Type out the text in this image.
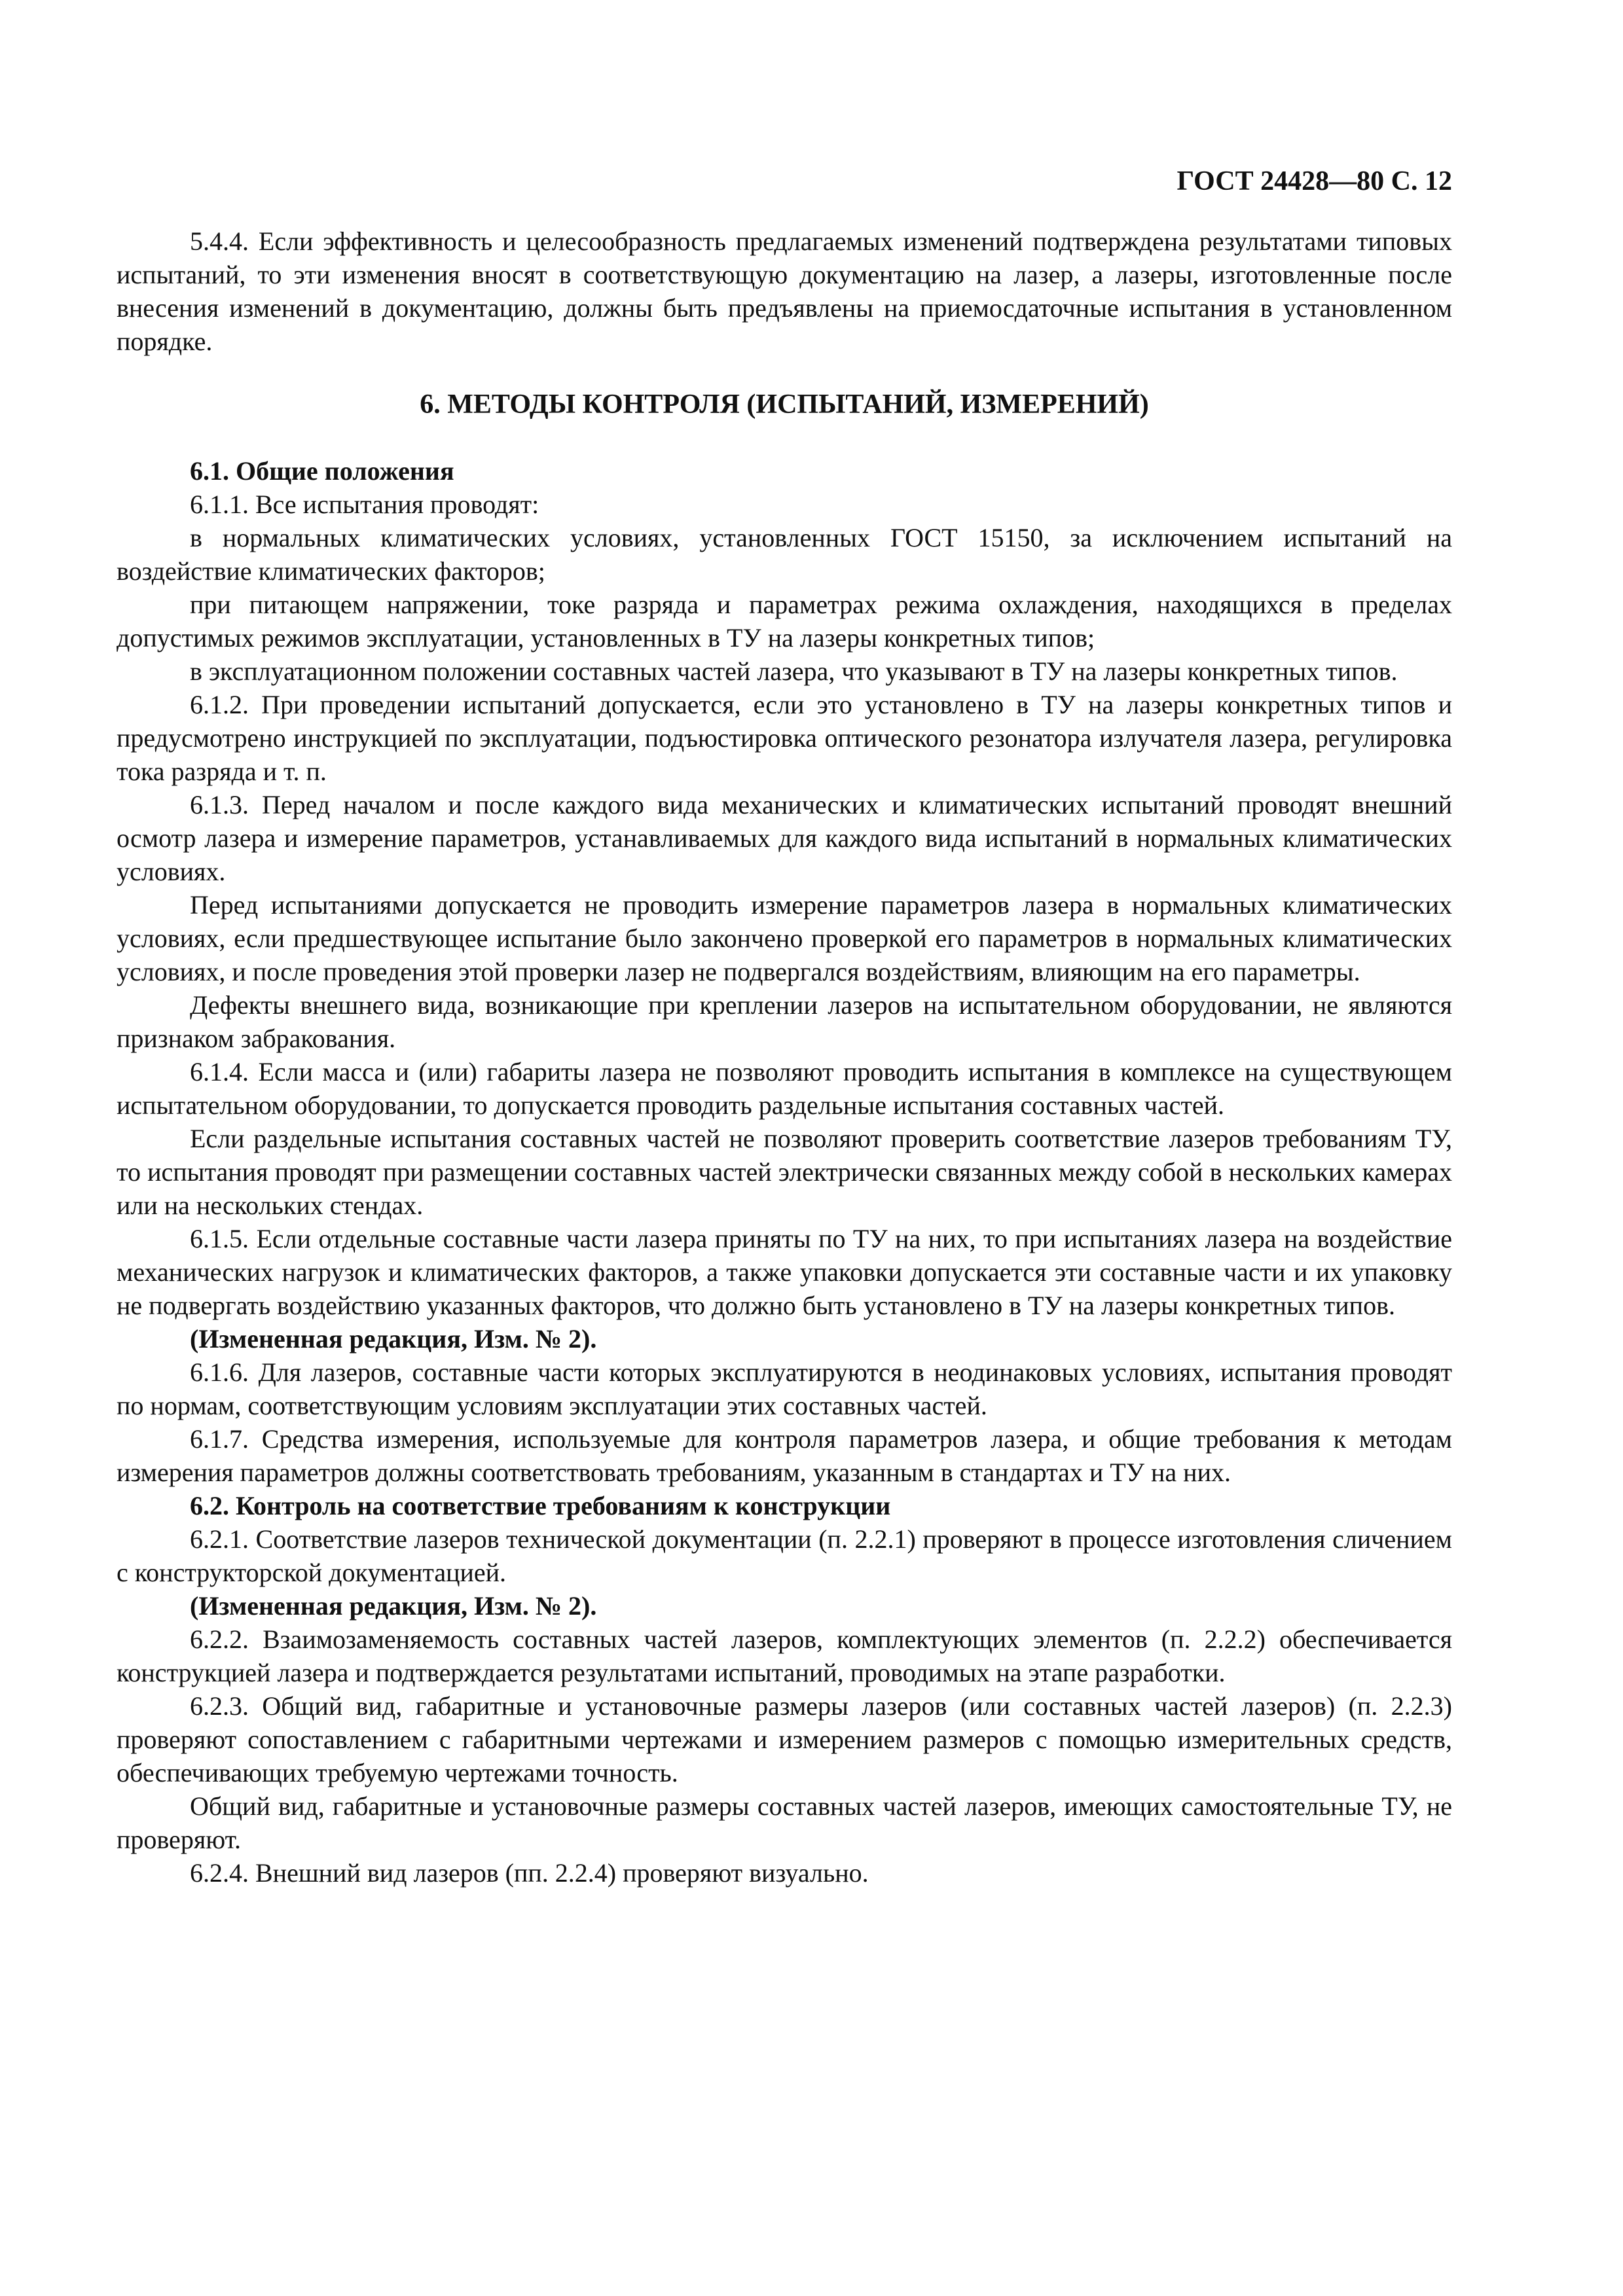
ГОСТ 24428—80 С. 12

5.4.4. Если эффективность и целесообразность предлагаемых изменений подтверждена результатами типовых испытаний, то эти изменения вносят в соответствующую документацию на лазер, а лазеры, изготовленные после внесения изменений в документацию, должны быть предъявлены на приемосдаточные испытания в установленном порядке.

6. МЕТОДЫ КОНТРОЛЯ (ИСПЫТАНИЙ, ИЗМЕРЕНИЙ)

6.1. Общие положения

6.1.1. Все испытания проводят:

в нормальных климатических условиях, установленных ГОСТ 15150, за исключением испытаний на воздействие климатических факторов;

при питающем напряжении, токе разряда и параметрах режима охлаждения, находящихся в пределах допустимых режимов эксплуатации, установленных в ТУ на лазеры конкретных типов;

в эксплуатационном положении составных частей лазера, что указывают в ТУ на лазеры конкретных типов.

6.1.2. При проведении испытаний допускается, если это установлено в ТУ на лазеры конкретных типов и предусмотрено инструкцией по эксплуатации, подъюстировка оптического резонатора излучателя лазера, регулировка тока разряда и т. п.

6.1.3. Перед началом и после каждого вида механических и климатических испытаний проводят внешний осмотр лазера и измерение параметров, устанавливаемых для каждого вида испытаний в нормальных климатических условиях.

Перед испытаниями допускается не проводить измерение параметров лазера в нормальных климатических условиях, если предшествующее испытание было закончено проверкой его параметров в нормальных климатических условиях, и после проведения этой проверки лазер не подвергался воздействиям, влияющим на его параметры.

Дефекты внешнего вида, возникающие при креплении лазеров на испытательном оборудовании, не являются признаком забракования.

6.1.4. Если масса и (или) габариты лазера не позволяют проводить испытания в комплексе на существующем испытательном оборудовании, то допускается проводить раздельные испытания составных частей.

Если раздельные испытания составных частей не позволяют проверить соответствие лазеров требованиям ТУ, то испытания проводят при размещении составных частей электрически связанных между собой в нескольких камерах или на нескольких стендах.

6.1.5. Если отдельные составные части лазера приняты по ТУ на них, то при испытаниях лазера на воздействие механических нагрузок и климатических факторов, а также упаковки допускается эти составные части и их упаковку не подвергать воздействию указанных факторов, что должно быть установлено в ТУ на лазеры конкретных типов.

(Измененная редакция, Изм. № 2).

6.1.6. Для лазеров, составные части которых эксплуатируются в неодинаковых условиях, испытания проводят по нормам, соответствующим условиям эксплуатации этих составных частей.

6.1.7. Средства измерения, используемые для контроля параметров лазера, и общие требования к методам измерения параметров должны соответствовать требованиям, указанным в стандартах и ТУ на них.

6.2. Контроль на соответствие требованиям к конструкции

6.2.1. Соответствие лазеров технической документации (п. 2.2.1) проверяют в процессе изготовления сличением с конструкторской документацией.

(Измененная редакция, Изм. № 2).

6.2.2. Взаимозаменяемость составных частей лазеров, комплектующих элементов (п. 2.2.2) обеспечивается конструкцией лазера и подтверждается результатами испытаний, проводимых на этапе разработки.

6.2.3. Общий вид, габаритные и установочные размеры лазеров (или составных частей лазеров) (п. 2.2.3) проверяют сопоставлением с габаритными чертежами и измерением размеров с помощью измерительных средств, обеспечивающих требуемую чертежами точность.

Общий вид, габаритные и установочные размеры составных частей лазеров, имеющих самостоятельные ТУ, не проверяют.

6.2.4. Внешний вид лазеров (пп. 2.2.4) проверяют визуально.
